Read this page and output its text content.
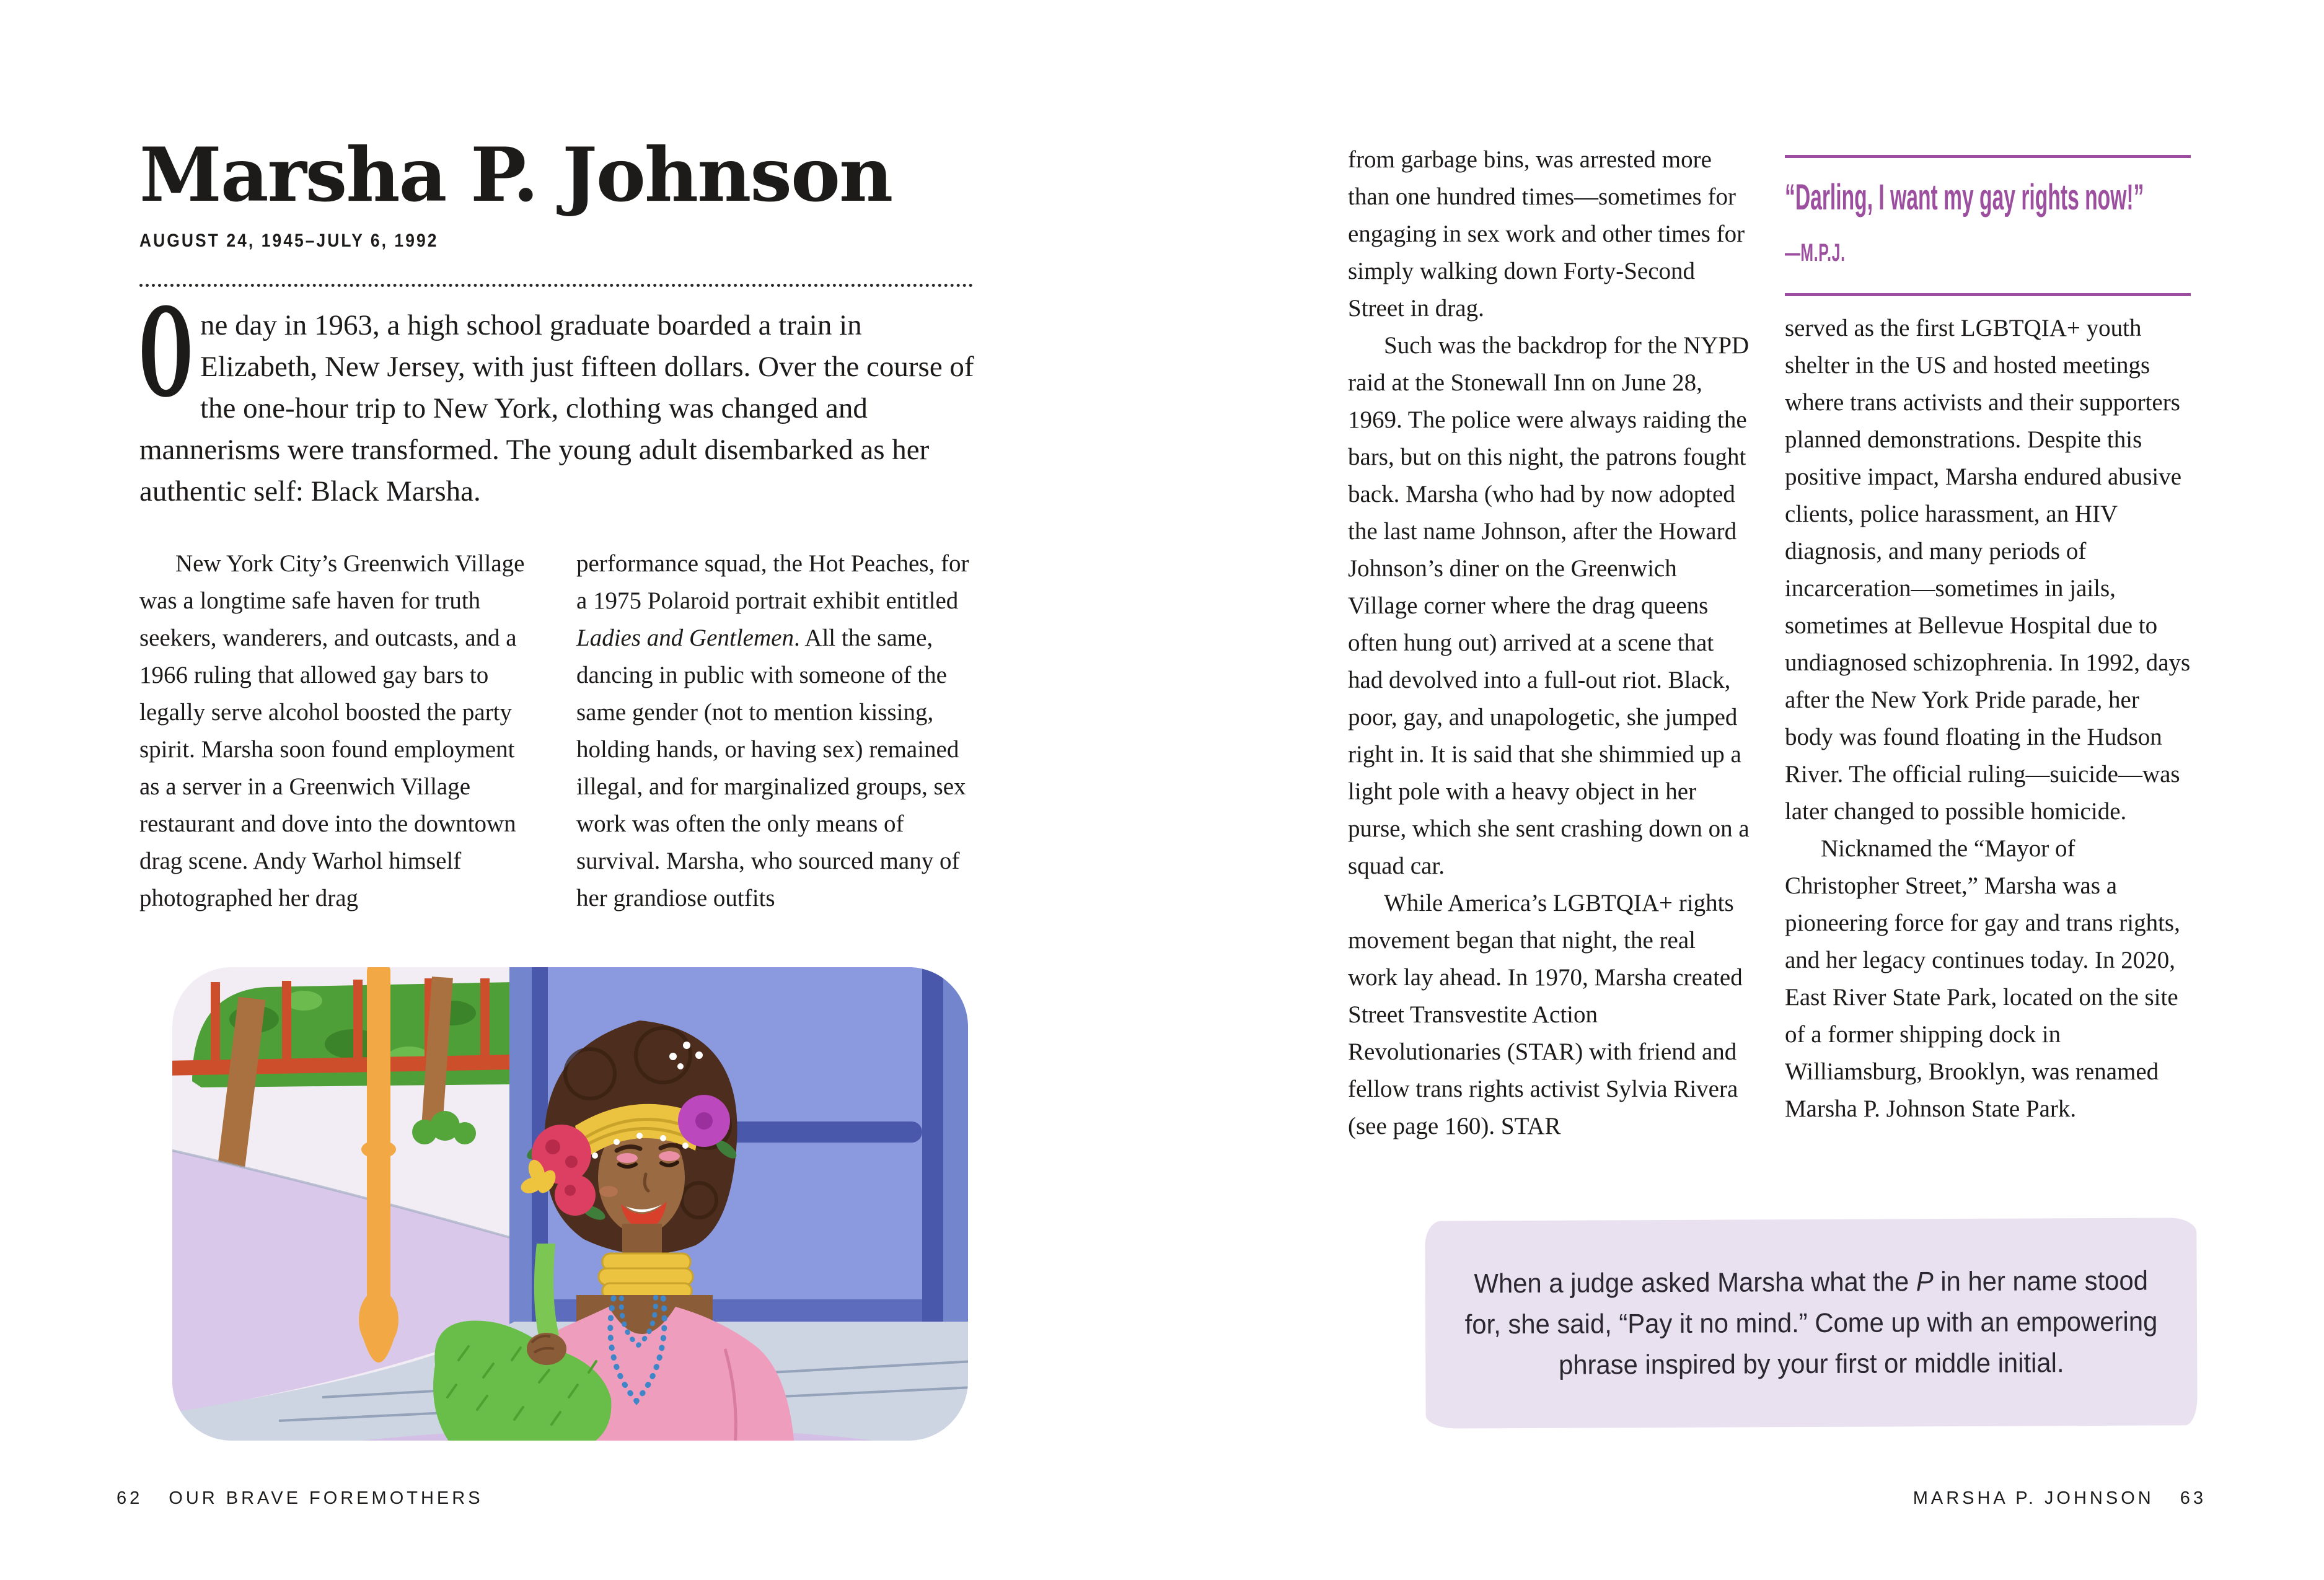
Marsha P. Johnson
AUGUST 24, 1945–JULY 6, 1992
O ne day in 1963, a high school graduate boarded a train in Elizabeth, New Jersey, with just fifteen dollars. Over the course of the one-hour trip to New York, clothing was changed and mannerisms were transformed. The young adult disembarked as her authentic self: Black Marsha.

New York City’s Greenwich Village was a longtime safe haven for truth seekers, wanderers, and outcasts, and a 1966 ruling that allowed gay bars to legally serve alcohol boosted the party spirit. Marsha soon found employment as a server in a Greenwich Village restaurant and dove into the downtown drag scene. Andy Warhol himself photographed her drag

performance squad, the Hot Peaches, for a 1975 Polaroid portrait exhibit entitled Ladies and Gentlemen. All the same, dancing in public with someone of the same gender (not to mention kissing, holding hands, or having sex) remained illegal, and for marginalized groups, sex work was often the only means of survival. Marsha, who sourced many of her grandiose outfits

62 OUR BRAVE FOREMOTHERS

from garbage bins, was arrested more than one hundred times—sometimes for engaging in sex work and other times for simply walking down Forty-Second Street in drag.

Such was the backdrop for the NYPD raid at the Stonewall Inn on June 28, 1969. The police were always raiding the bars, but on this night, the patrons fought back. Marsha (who had by now adopted the last name Johnson, after the Howard Johnson’s diner on the Greenwich Village corner where the drag queens often hung out) arrived at a scene that had devolved into a full-out riot. Black, poor, gay, and unapologetic, she jumped right in. It is said that she shimmied up a light pole with a heavy object in her purse, which she sent crashing down on a squad car.

While America’s LGBTQIA+ rights movement began that night, the real work lay ahead. In 1970, Marsha created Street Transvestite Action Revolutionaries (STAR) with friend and fellow trans rights activist Sylvia Rivera (see page 160). STAR

“Darling, I want my gay rights now!”
—M.P.J.

served as the first LGBTQIA+ youth shelter in the US and hosted meetings where trans activists and their supporters planned demonstrations. Despite this positive impact, Marsha endured abusive clients, police harassment, an HIV diagnosis, and many periods of incarceration—sometimes in jails, sometimes at Bellevue Hospital due to undiagnosed schizophrenia. In 1992, days after the New York Pride parade, her body was found floating in the Hudson River. The official ruling—suicide—was later changed to possible homicide.

Nicknamed the “Mayor of Christopher Street,” Marsha was a pioneering force for gay and trans rights, and her legacy continues today. In 2020, East River State Park, located on the site of a former shipping dock in Williamsburg, Brooklyn, was renamed Marsha P. Johnson State Park.

When a judge asked Marsha what the P in her name stood for, she said, “Pay it no mind.” Come up with an empowering phrase inspired by your first or middle initial.

MARSHA P. JOHNSON 63
